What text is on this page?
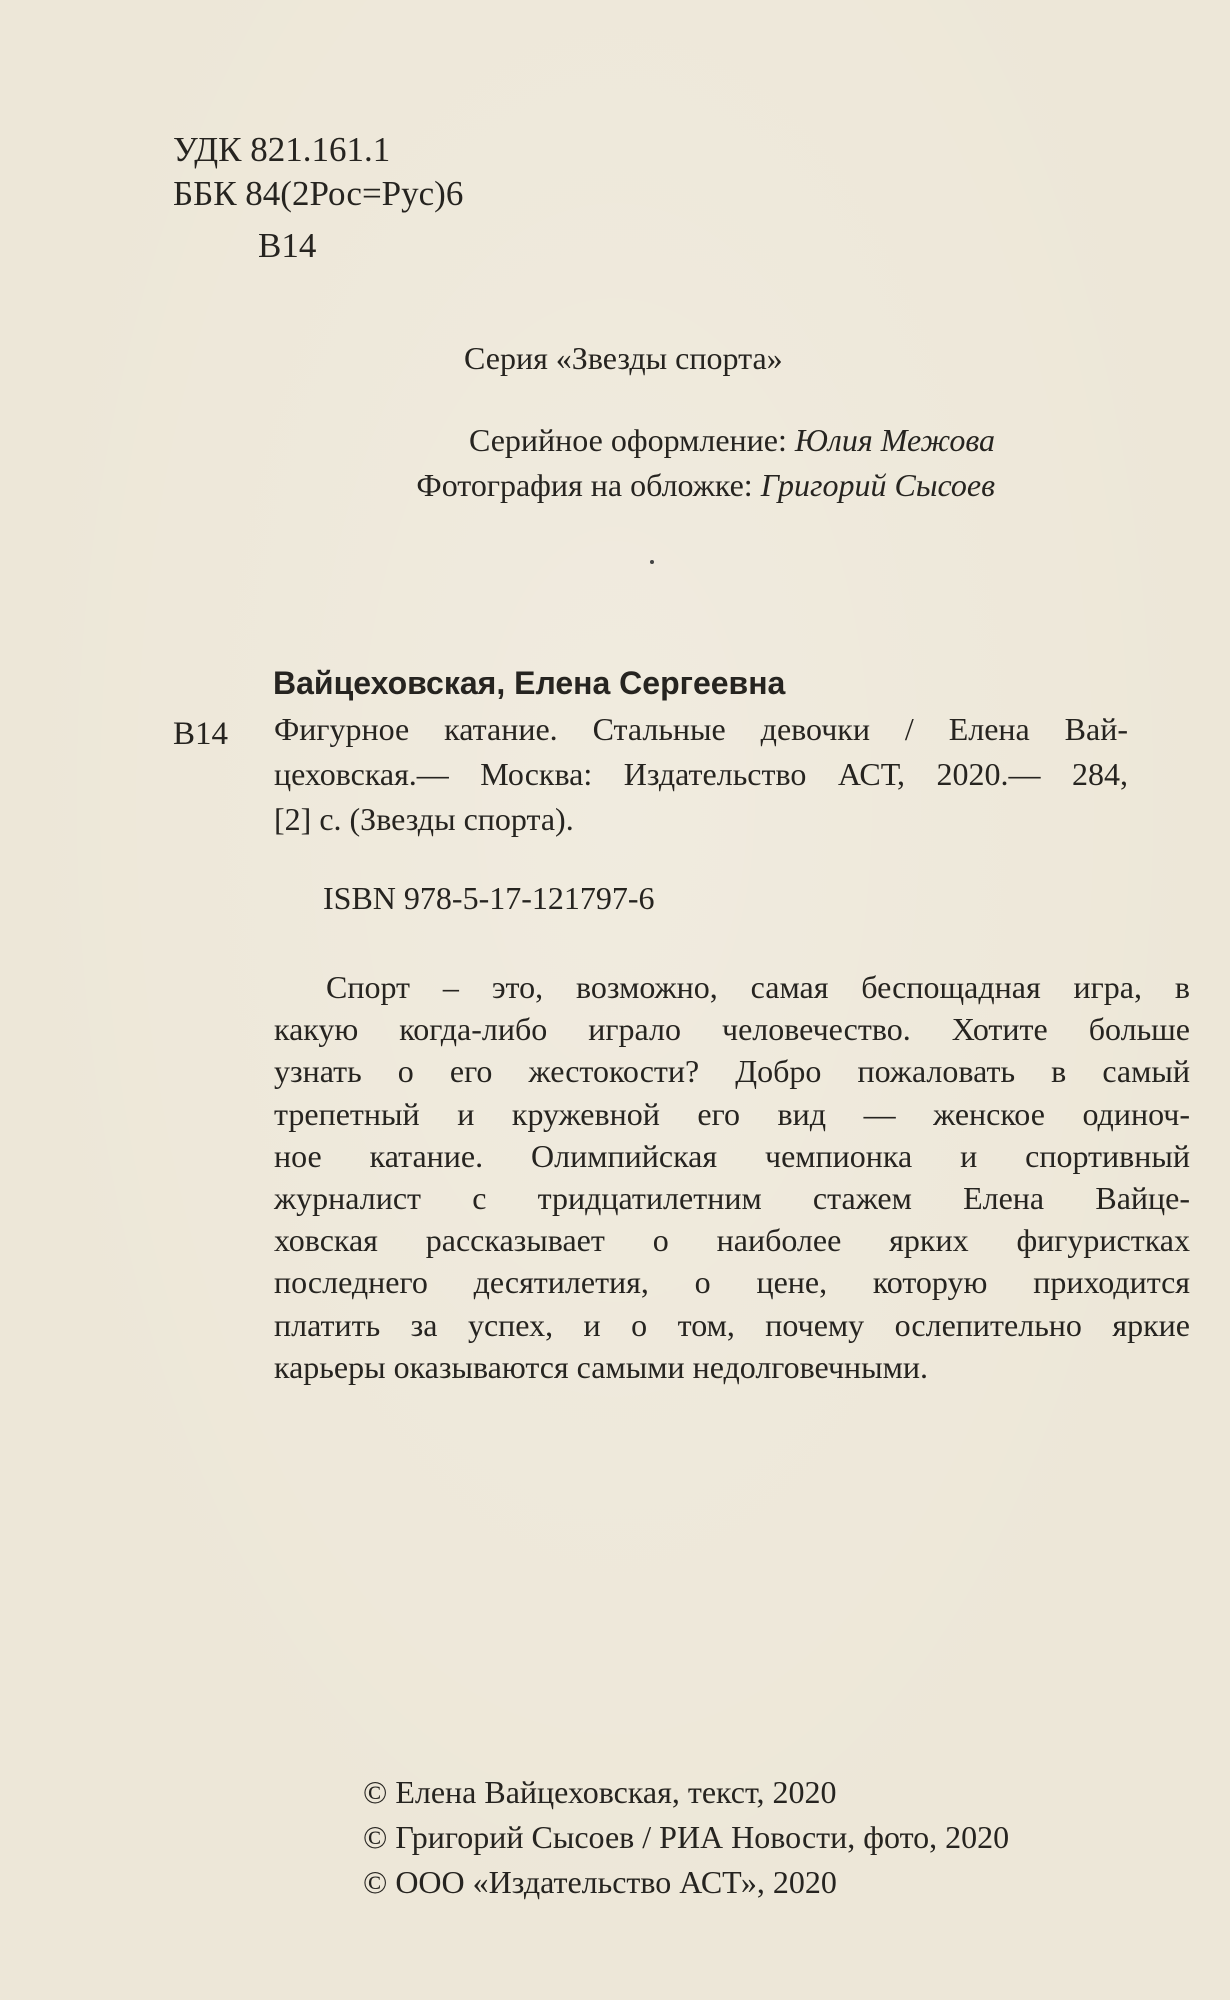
УДК 821.161.1
ББК 84(2Рос=Рус)6
В14
Серия «Звезды спорта»
Серийное оформление: Юлия Межова
Фотография на обложке: Григорий Сысоев
Вайцеховская, Елена Сергеевна
В14 Фигурное катание. Стальные девочки / Елена Вай-
цеховская.— Москва: Издательство АСТ, 2020.— 284,
[2] с. (Звезды спорта).
ISBN 978-5-17-121797-6
Спорт – это, возможно, самая беспощадная игра, в
какую когда-либо играло человечество. Хотите больше
узнать о его жестокости? Добро пожаловать в самый
трепетный и кружевной его вид — женское одиноч-
ное катание. Олимпийская чемпионка и спортивный
журналист с тридцатилетним стажем Елена Вайце-
ховская рассказывает о наиболее ярких фигуристках
последнего десятилетия, о цене, которую приходится
платить за успех, и о том, почему ослепительно яркие
карьеры оказываются самыми недолговечными.
© Елена Вайцеховская, текст, 2020
© Григорий Сысоев / РИА Новости, фото, 2020
© ООО «Издательство АСТ», 2020
